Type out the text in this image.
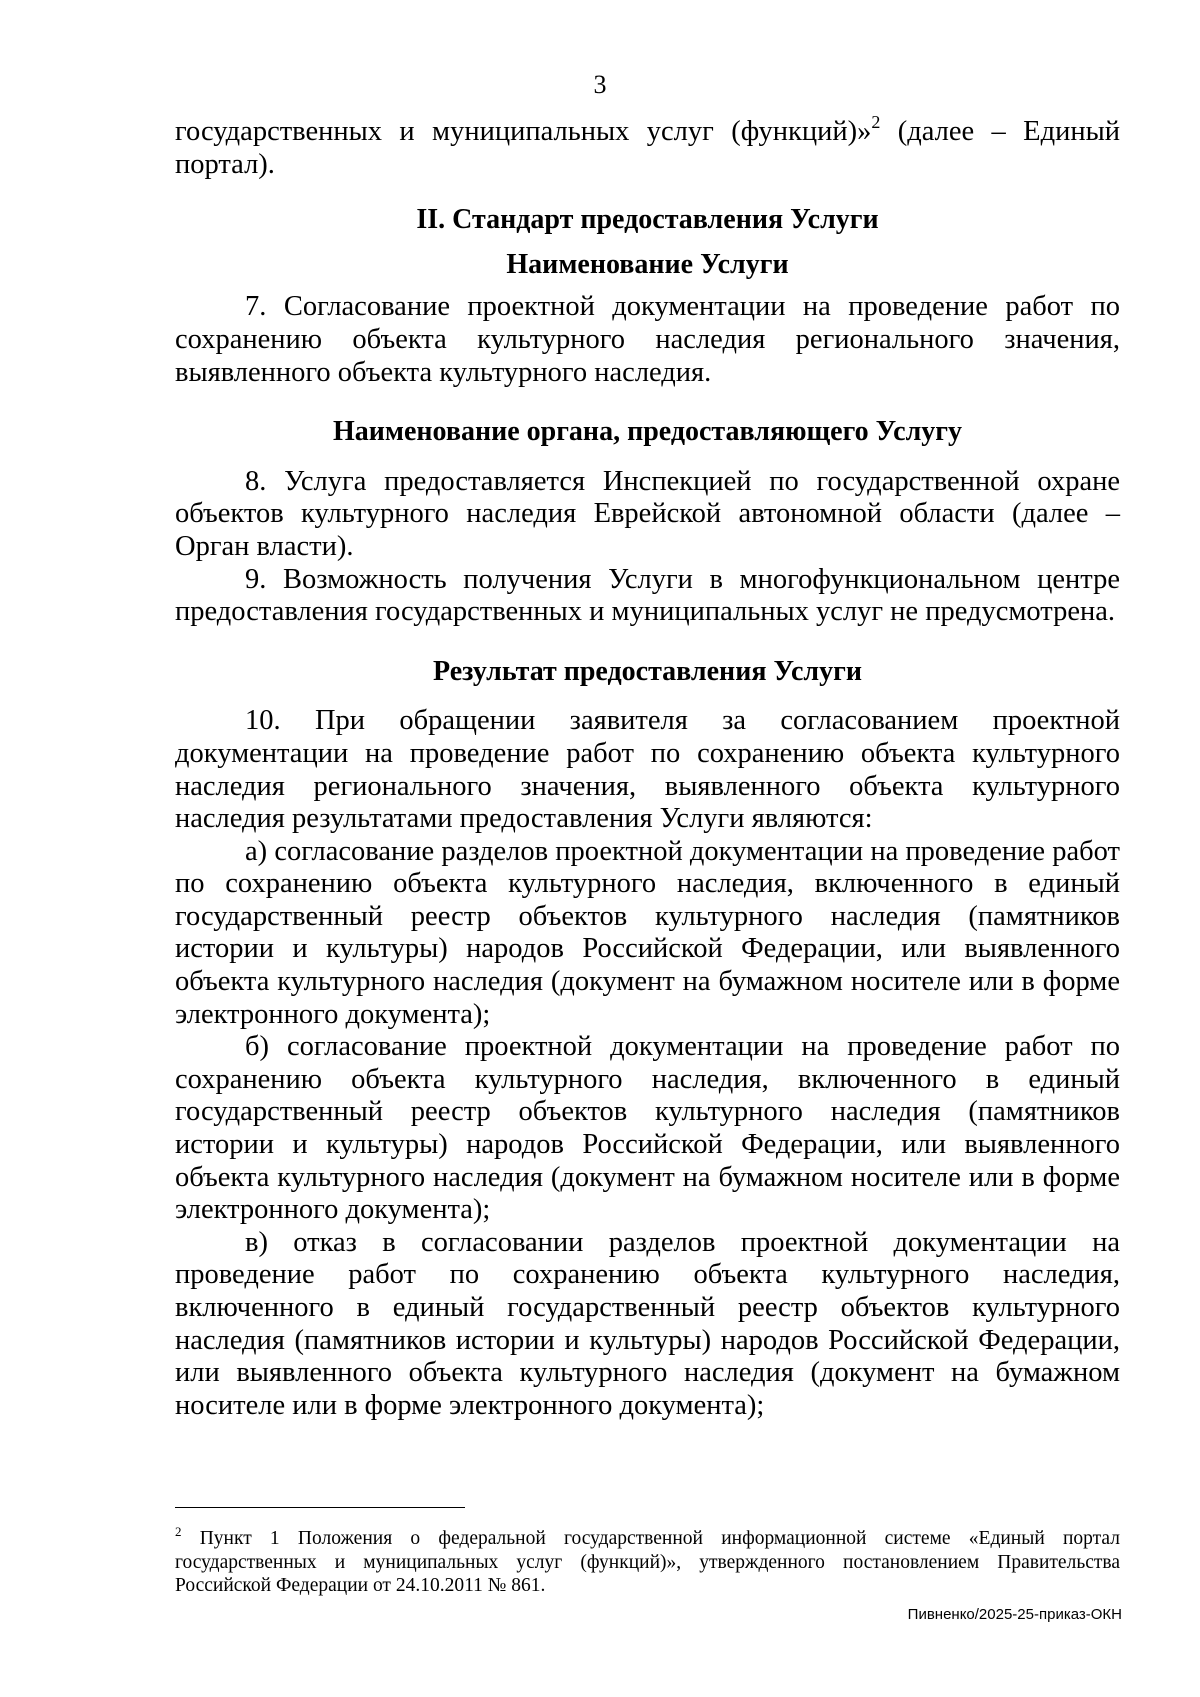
3

государственных и муниципальных услуг (функций)»$^2$ (далее – Единый портал).

II. Стандарт предоставления Услуги
Наименование Услуги

7. Согласование проектной документации на проведение работ по сохранению объекта культурного наследия регионального значения, выявленного объекта культурного наследия.

Наименование органа, предоставляющего Услугу

8. Услуга предоставляется Инспекцией по государственной охране объектов культурного наследия Еврейской автономной области (далее – Орган власти).

9. Возможность получения Услуги в многофункциональном центре предоставления государственных и муниципальных услуг не предусмотрена.

Результат предоставления Услуги

10. При обращении заявителя за согласованием проектной документации на проведение работ по сохранению объекта культурного наследия регионального значения, выявленного объекта культурного наследия результатами предоставления Услуги являются:

а) согласование разделов проектной документации на проведение работ по сохранению объекта культурного наследия, включенного в единый государственный реестр объектов культурного наследия (памятников истории и культуры) народов Российской Федерации, или выявленного объекта культурного наследия (документ на бумажном носителе или в форме электронного документа);

б) согласование проектной документации на проведение работ по сохранению объекта культурного наследия, включенного в единый государственный реестр объектов культурного наследия (памятников истории и культуры) народов Российской Федерации, или выявленного объекта культурного наследия (документ на бумажном носителе или в форме электронного документа);

в) отказ в согласовании разделов проектной документации на проведение работ по сохранению объекта культурного наследия, включенного в единый государственный реестр объектов культурного наследия (памятников истории и культуры) народов Российской Федерации, или выявленного объекта культурного наследия (документ на бумажном носителе или в форме электронного документа);

$^2$ Пункт 1 Положения о федеральной государственной информационной системе «Единый портал государственных и муниципальных услуг (функций)», утвержденного постановлением Правительства Российской Федерации от 24.10.2011 № 861.

Пивненко/2025-25-приказ-ОКН
